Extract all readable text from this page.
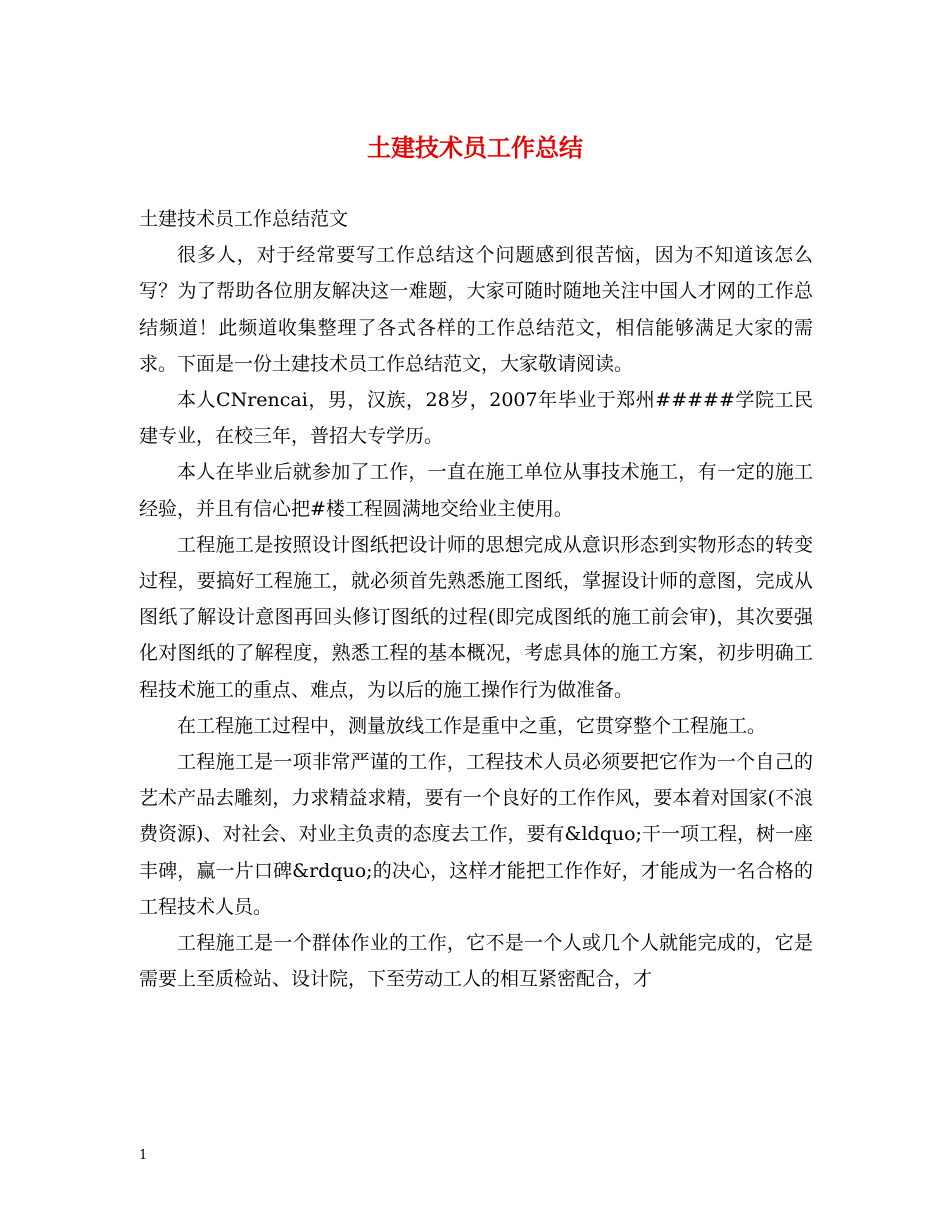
土建技术员工作总结

土建技术员工作总结范文

很多人，对于经常要写工作总结这个问题感到很苦恼，因为不知道该怎么写？为了帮助各位朋友解决这一难题，大家可随时随地关注中国人才网的工作总结频道！此频道收集整理了各式各样的工作总结范文，相信能够满足大家的需求。下面是一份土建技术员工作总结范文，大家敬请阅读。

本人CNrencai，男，汉族，28岁，2007年毕业于郑州#####学院工民建专业，在校三年，普招大专学历。

本人在毕业后就参加了工作，一直在施工单位从事技术施工，有一定的施工经验，并且有信心把#楼工程圆满地交给业主使用。

工程施工是按照设计图纸把设计师的思想完成从意识形态到实物形态的转变过程，要搞好工程施工，就必须首先熟悉施工图纸，掌握设计师的意图，完成从图纸了解设计意图再回头修订图纸的过程(即完成图纸的施工前会审)，其次要强化对图纸的了解程度，熟悉工程的基本概况，考虑具体的施工方案，初步明确工程技术施工的重点、难点，为以后的施工操作行为做准备。

在工程施工过程中，测量放线工作是重中之重，它贯穿整个工程施工。

工程施工是一项非常严谨的工作，工程技术人员必须要把它作为一个自己的艺术产品去雕刻，力求精益求精，要有一个良好的工作作风，要本着对国家(不浪费资源)、对社会、对业主负责的态度去工作，要有&ldquo;干一项工程，树一座丰碑，赢一片口碑&rdquo;的决心，这样才能把工作作好，才能成为一名合格的工程技术人员。

工程施工是一个群体作业的工作，它不是一个人或几个人就能完成的，它是需要上至质检站、设计院，下至劳动工人的相互紧密配合，才

1
